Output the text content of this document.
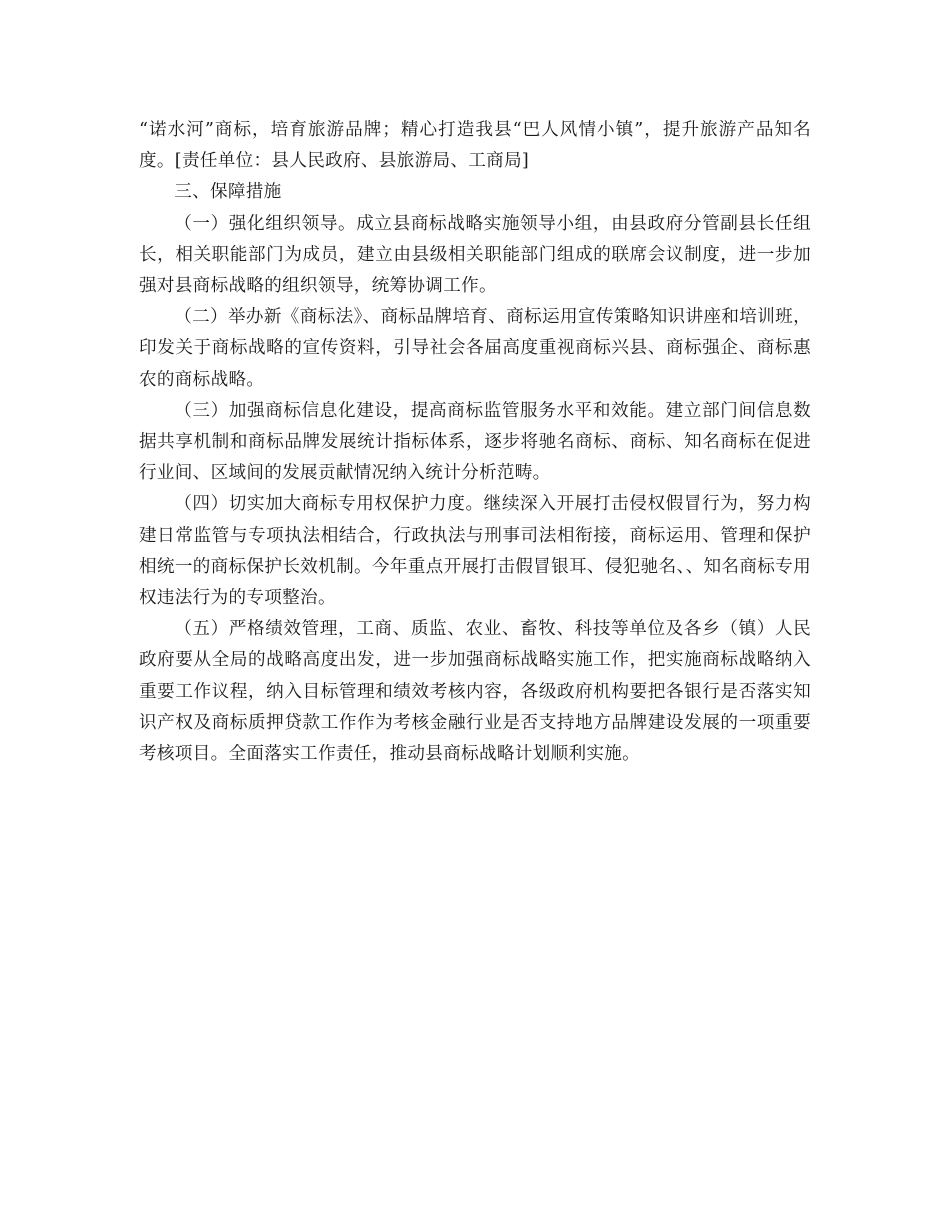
“诺水河”商标，培育旅游品牌；精心打造我县“巴人风情小镇”，提升旅游产品知名度。[责任单位：县人民政府、县旅游局、工商局]

三、保障措施

（一）强化组织领导。成立县商标战略实施领导小组，由县政府分管副县长任组长，相关职能部门为成员，建立由县级相关职能部门组成的联席会议制度，进一步加强对县商标战略的组织领导，统筹协调工作。

（二）举办新《商标法》、商标品牌培育、商标运用宣传策略知识讲座和培训班，印发关于商标战略的宣传资料，引导社会各届高度重视商标兴县、商标强企、商标惠农的商标战略。

（三）加强商标信息化建设，提高商标监管服务水平和效能。建立部门间信息数据共享机制和商标品牌发展统计指标体系，逐步将驰名商标、商标、知名商标在促进行业间、区域间的发展贡献情况纳入统计分析范畴。

（四）切实加大商标专用权保护力度。继续深入开展打击侵权假冒行为，努力构建日常监管与专项执法相结合，行政执法与刑事司法相衔接，商标运用、管理和保护相统一的商标保护长效机制。今年重点开展打击假冒银耳、侵犯驰名、、知名商标专用权违法行为的专项整治。

（五）严格绩效管理，工商、质监、农业、畜牧、科技等单位及各乡（镇）人民政府要从全局的战略高度出发，进一步加强商标战略实施工作，把实施商标战略纳入重要工作议程，纳入目标管理和绩效考核内容，各级政府机构要把各银行是否落实知识产权及商标质押贷款工作作为考核金融行业是否支持地方品牌建设发展的一项重要考核项目。全面落实工作责任，推动县商标战略计划顺利实施。
